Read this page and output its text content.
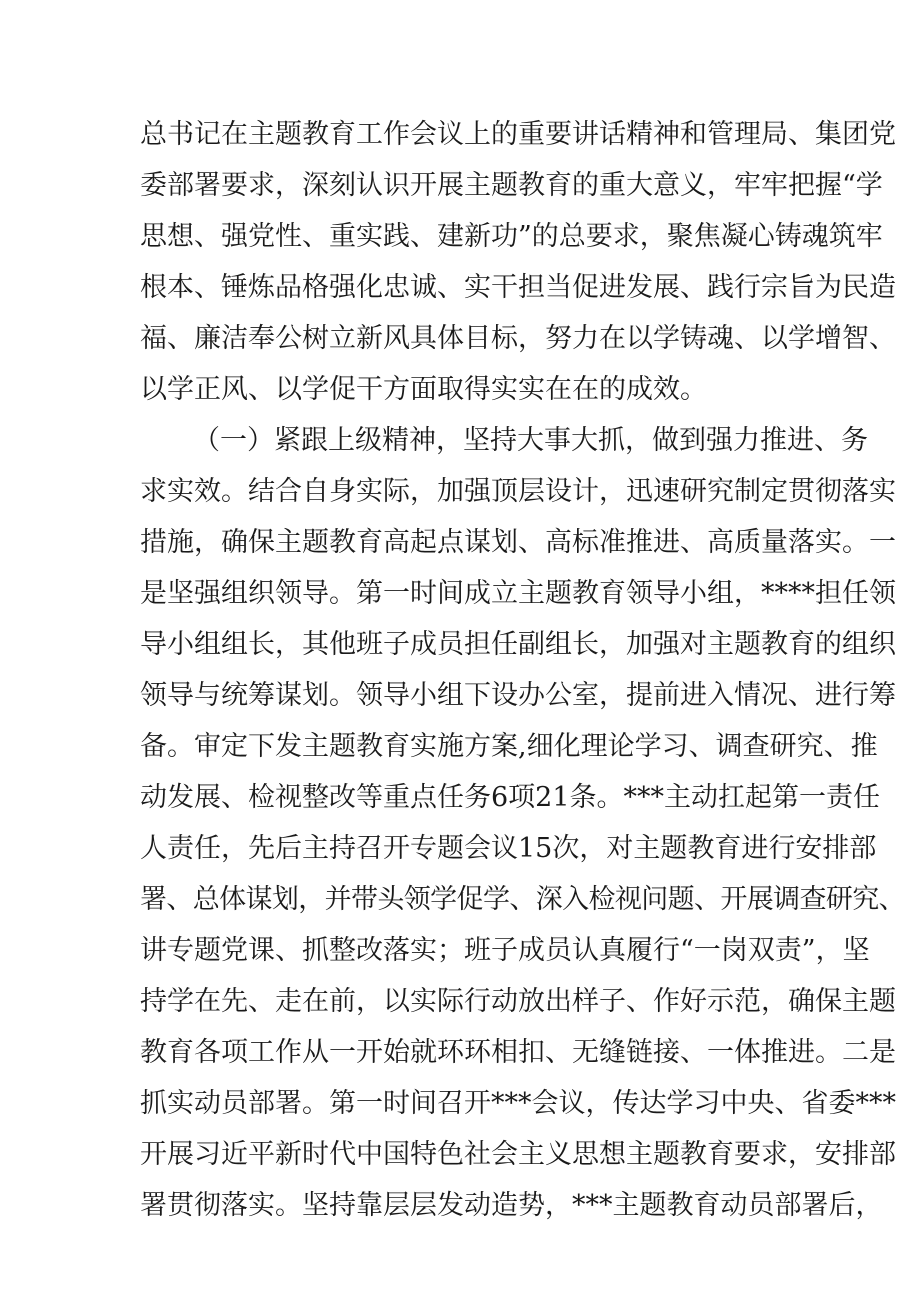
总书记在主题教育工作会议上的重要讲话精神和管理局、集团党
委部署要求，深刻认识开展主题教育的重大意义，牢牢把握“学
思想、强党性、重实践、建新功”的总要求，聚焦凝心铸魂筑牢
根本、锤炼品格强化忠诚、实干担当促进发展、践行宗旨为民造
福、廉洁奉公树立新风具体目标，努力在以学铸魂、以学增智、
以学正风、以学促干方面取得实实在在的成效。
（一）紧跟上级精神，坚持大事大抓，做到强力推进、务
求实效。结合自身实际，加强顶层设计，迅速研究制定贯彻落实
措施，确保主题教育高起点谋划、高标准推进、高质量落实。一
是坚强组织领导。第一时间成立主题教育领导小组，****担任领
导小组组长，其他班子成员担任副组长，加强对主题教育的组织
领导与统筹谋划。领导小组下设办公室，提前进入情况、进行筹
备。审定下发主题教育实施方案,细化理论学习、调查研究、推
动发展、检视整改等重点任务6项21条。***主动扛起第一责任
人责任，先后主持召开专题会议15次，对主题教育进行安排部
署、总体谋划，并带头领学促学、深入检视问题、开展调查研究、
讲专题党课、抓整改落实；班子成员认真履行“一岗双责”，坚
持学在先、走在前，以实际行动放出样子、作好示范，确保主题
教育各项工作从一开始就环环相扣、无缝链接、一体推进。二是
抓实动员部署。第一时间召开***会议，传达学习中央、省委***
开展习近平新时代中国特色社会主义思想主题教育要求，安排部
署贯彻落实。坚持靠层层发动造势，***主题教育动员部署后，
